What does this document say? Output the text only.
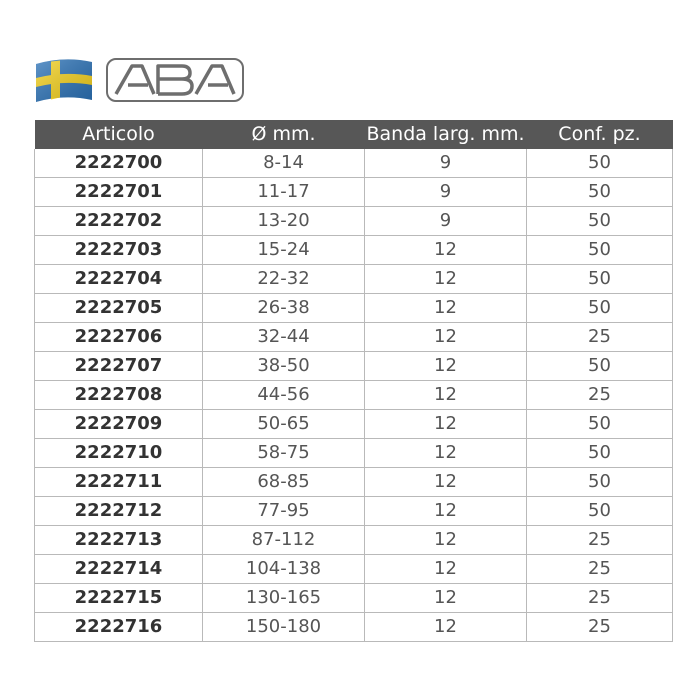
ABA
Articolo	Ø mm.	Banda larg. mm.	Conf. pz.
2222700	8-14	9	50
2222701	11-17	9	50
2222702	13-20	9	50
2222703	15-24	12	50
2222704	22-32	12	50
2222705	26-38	12	50
2222706	32-44	12	25
2222707	38-50	12	50
2222708	44-56	12	25
2222709	50-65	12	50
2222710	58-75	12	50
2222711	68-85	12	50
2222712	77-95	12	50
2222713	87-112	12	25
2222714	104-138	12	25
2222715	130-165	12	25
2222716	150-180	12	25
